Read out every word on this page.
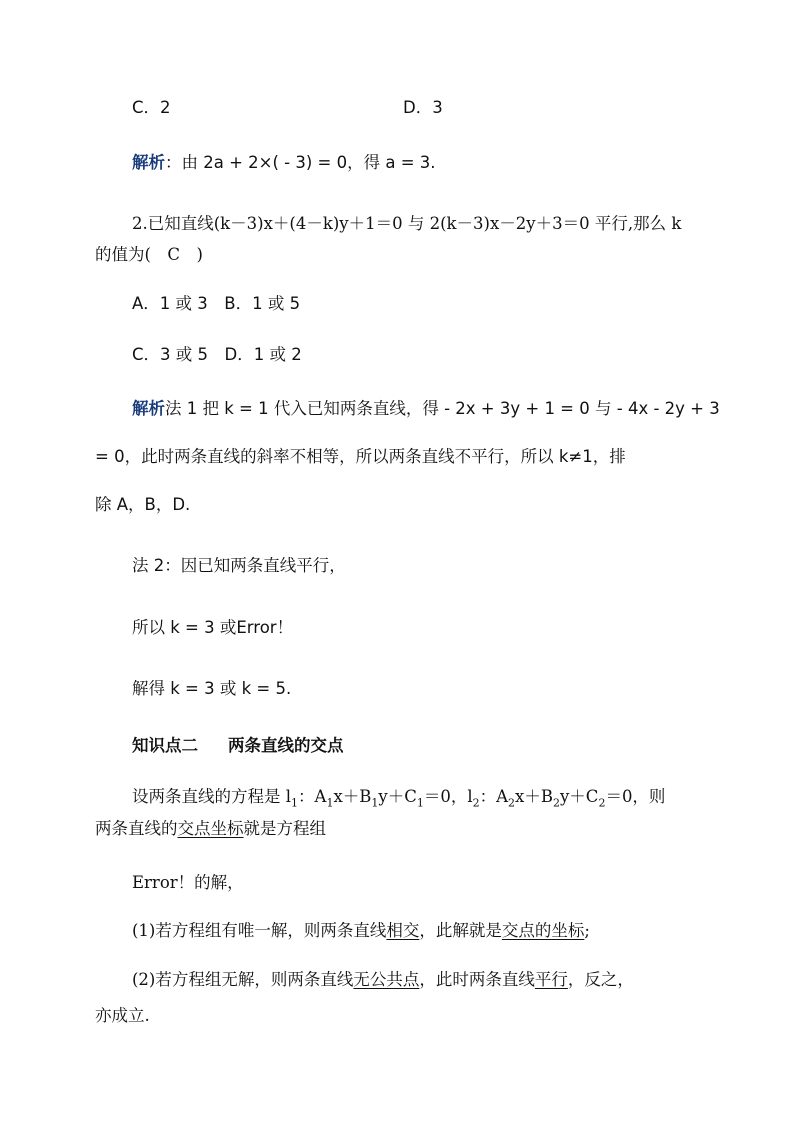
C．2	D．3
解析：由 2a + 2×( - 3) = 0，得 a = 3.
2.已知直线(k－3)x＋(4－k)y＋1＝0 与 2(k－3)x－2y＋3＝0 平行,那么 k
的值为(　C　)
A．1 或 3　B．1 或 5
C．3 或 5　D．1 或 2
解析法 1 把 k = 1 代入已知两条直线，得 - 2x + 3y + 1 = 0 与 - 4x - 2y + 3
= 0，此时两条直线的斜率不相等，所以两条直线不平行，所以 k≠1，排
除 A，B，D.
法 2：因已知两条直线平行，
所以 k = 3 或Error！
解得 k = 3 或 k = 5.
知识点二 两条直线的交点
设两条直线的方程是 $l_1$：$A_1x+B_1y+C_1=0$，$l_2$：$A_2x+B_2y+C_2=0$，则
两条直线的交点坐标就是方程组
Error！的解，
(1)若方程组有唯一解，则两条直线相交，此解就是交点的坐标;
(2)若方程组无解，则两条直线无公共点，此时两条直线平行，反之，
亦成立.
